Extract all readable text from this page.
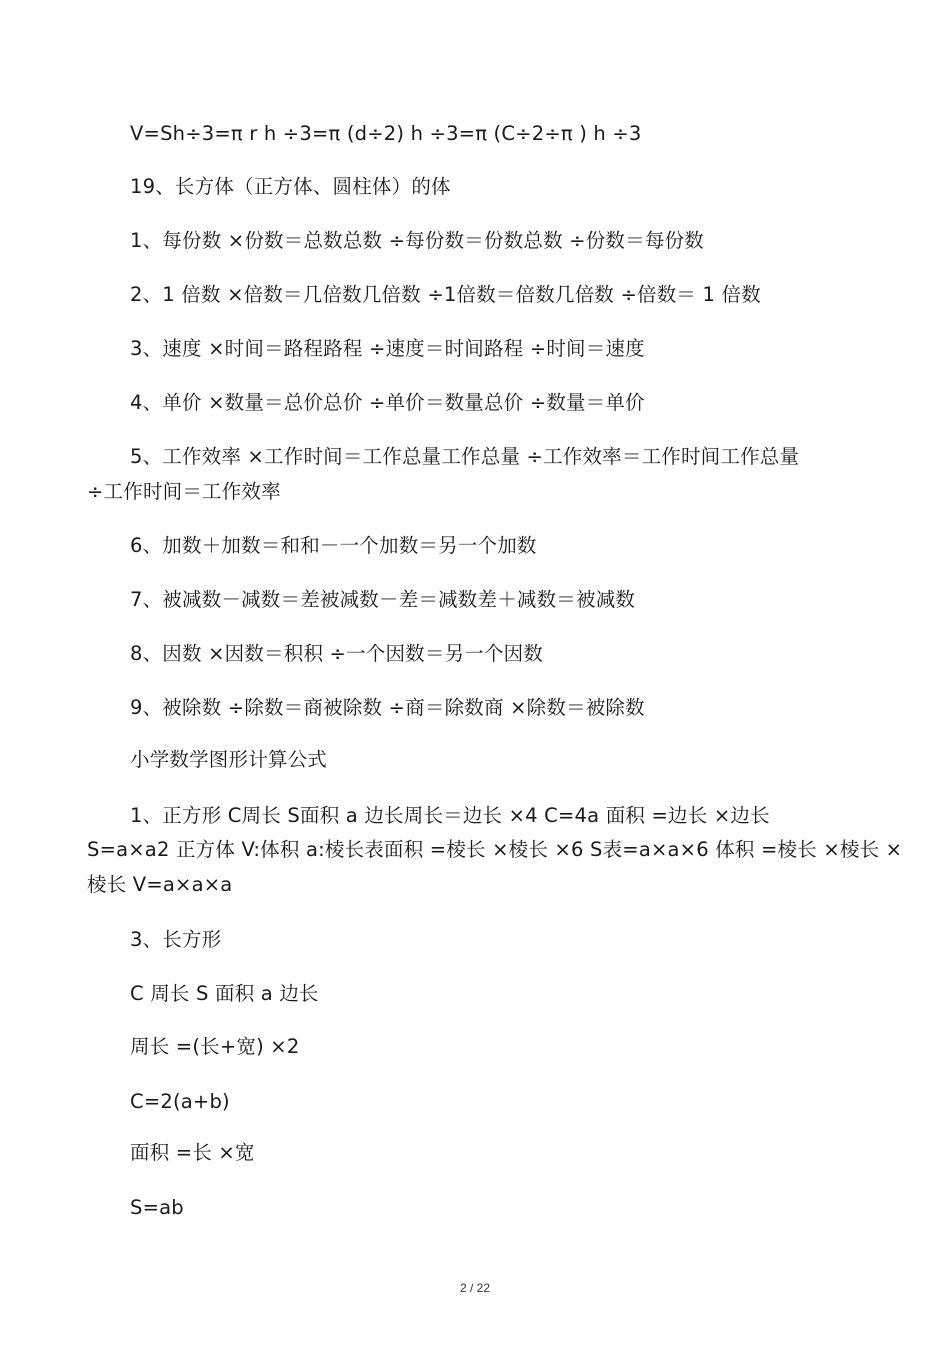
V=Sh÷3=π r h ÷3=π (d÷2) h ÷3=π (C÷2÷π ) h ÷3
19、长方体（正方体、圆柱体）的体
1、每份数 ×份数＝总数总数 ÷每份数＝份数总数 ÷份数＝每份数
2、1 倍数 ×倍数＝几倍数几倍数 ÷1倍数＝倍数几倍数 ÷倍数＝ 1 倍数
3、速度 ×时间＝路程路程 ÷速度＝时间路程 ÷时间＝速度
4、单价 ×数量＝总价总价 ÷单价＝数量总价 ÷数量＝单价
5、工作效率 ×工作时间＝工作总量工作总量 ÷工作效率＝工作时间工作总量
÷工作时间＝工作效率
6、加数＋加数＝和和－一个加数＝另一个加数
7、被减数－减数＝差被减数－差＝减数差＋减数＝被减数
8、因数 ×因数＝积积 ÷一个因数＝另一个因数
9、被除数 ÷除数＝商被除数 ÷商＝除数商 ×除数＝被除数
小学数学图形计算公式
1、正方形 C周长 S面积 a 边长周长＝边长 ×4 C=4a 面积 =边长 ×边长
S=a×a2 正方体 V:体积 a:棱长表面积 =棱长 ×棱长 ×6 S表=a×a×6 体积 =棱长 ×棱长 ×
棱长 V=a×a×a
3、长方形
C 周长 S 面积 a 边长
周长 =(长+宽) ×2
C=2(a+b)
面积 =长 ×宽
S=ab
2 / 22
